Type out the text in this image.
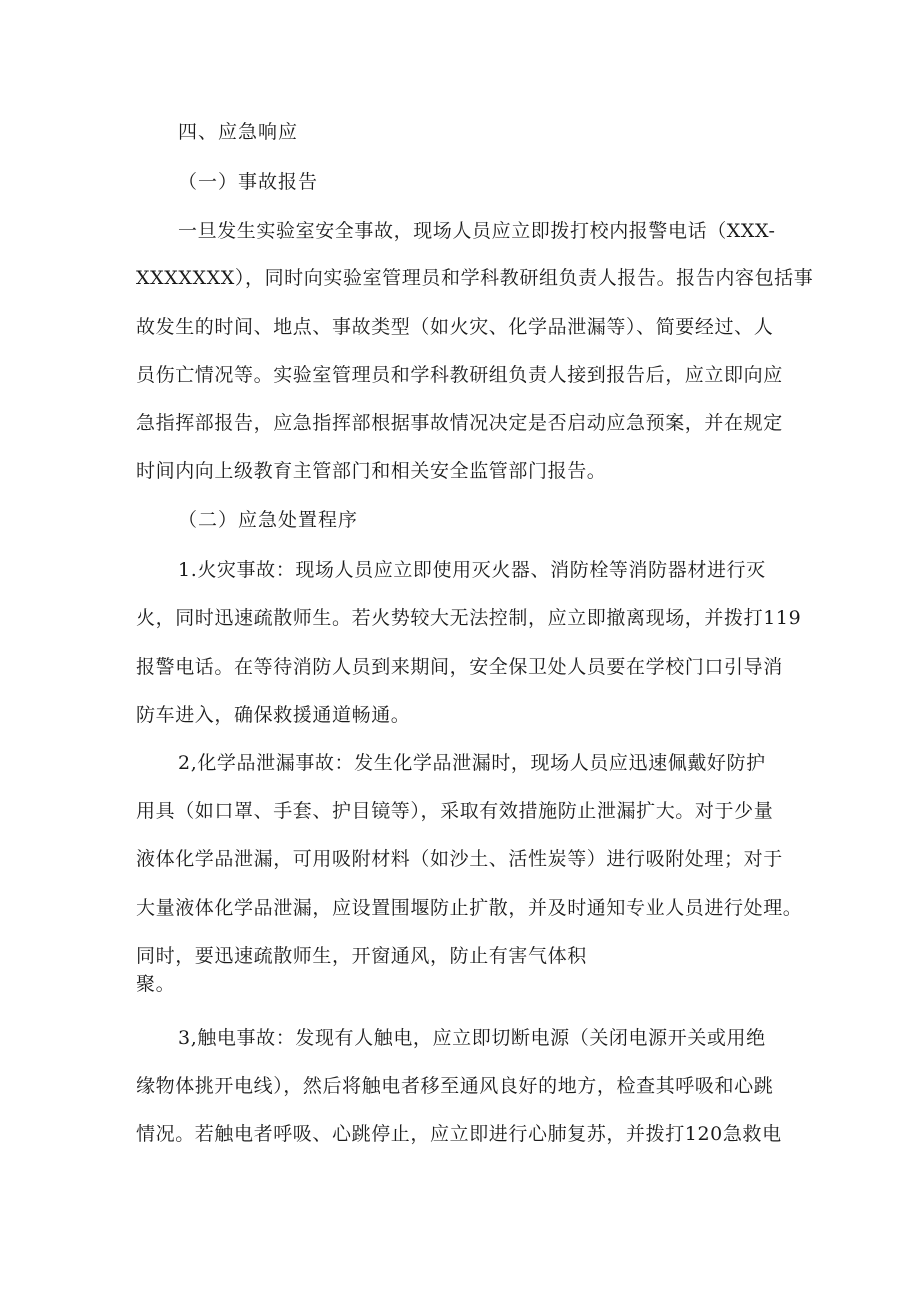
四、应急响应
（一）事故报告
一旦发生实验室安全事故，现场人员应立即拨打校内报警电话（XXX-
XXXXXXX），同时向实验室管理员和学科教研组负责人报告。报告内容包括事
故发生的时间、地点、事故类型（如火灾、化学品泄漏等）、简要经过、人
员伤亡情况等。实验室管理员和学科教研组负责人接到报告后，应立即向应
急指挥部报告，应急指挥部根据事故情况决定是否启动应急预案，并在规定
时间内向上级教育主管部门和相关安全监管部门报告。
（二）应急处置程序
1.火灾事故：现场人员应立即使用灭火器、消防栓等消防器材进行灭
火，同时迅速疏散师生。若火势较大无法控制，应立即撤离现场，并拨打119
报警电话。在等待消防人员到来期间，安全保卫处人员要在学校门口引导消
防车进入，确保救援通道畅通。
2,化学品泄漏事故：发生化学品泄漏时，现场人员应迅速佩戴好防护
用具（如口罩、手套、护目镜等），采取有效措施防止泄漏扩大。对于少量
液体化学品泄漏，可用吸附材料（如沙土、活性炭等）进行吸附处理；对于
大量液体化学品泄漏，应设置围堰防止扩散，并及时通知专业人员进行处理。
同时，要迅速疏散师生，开窗通风，防止有害气体积
聚。
3,触电事故：发现有人触电，应立即切断电源（关闭电源开关或用绝
缘物体挑开电线），然后将触电者移至通风良好的地方，检查其呼吸和心跳
情况。若触电者呼吸、心跳停止，应立即进行心肺复苏，并拨打120急救电
